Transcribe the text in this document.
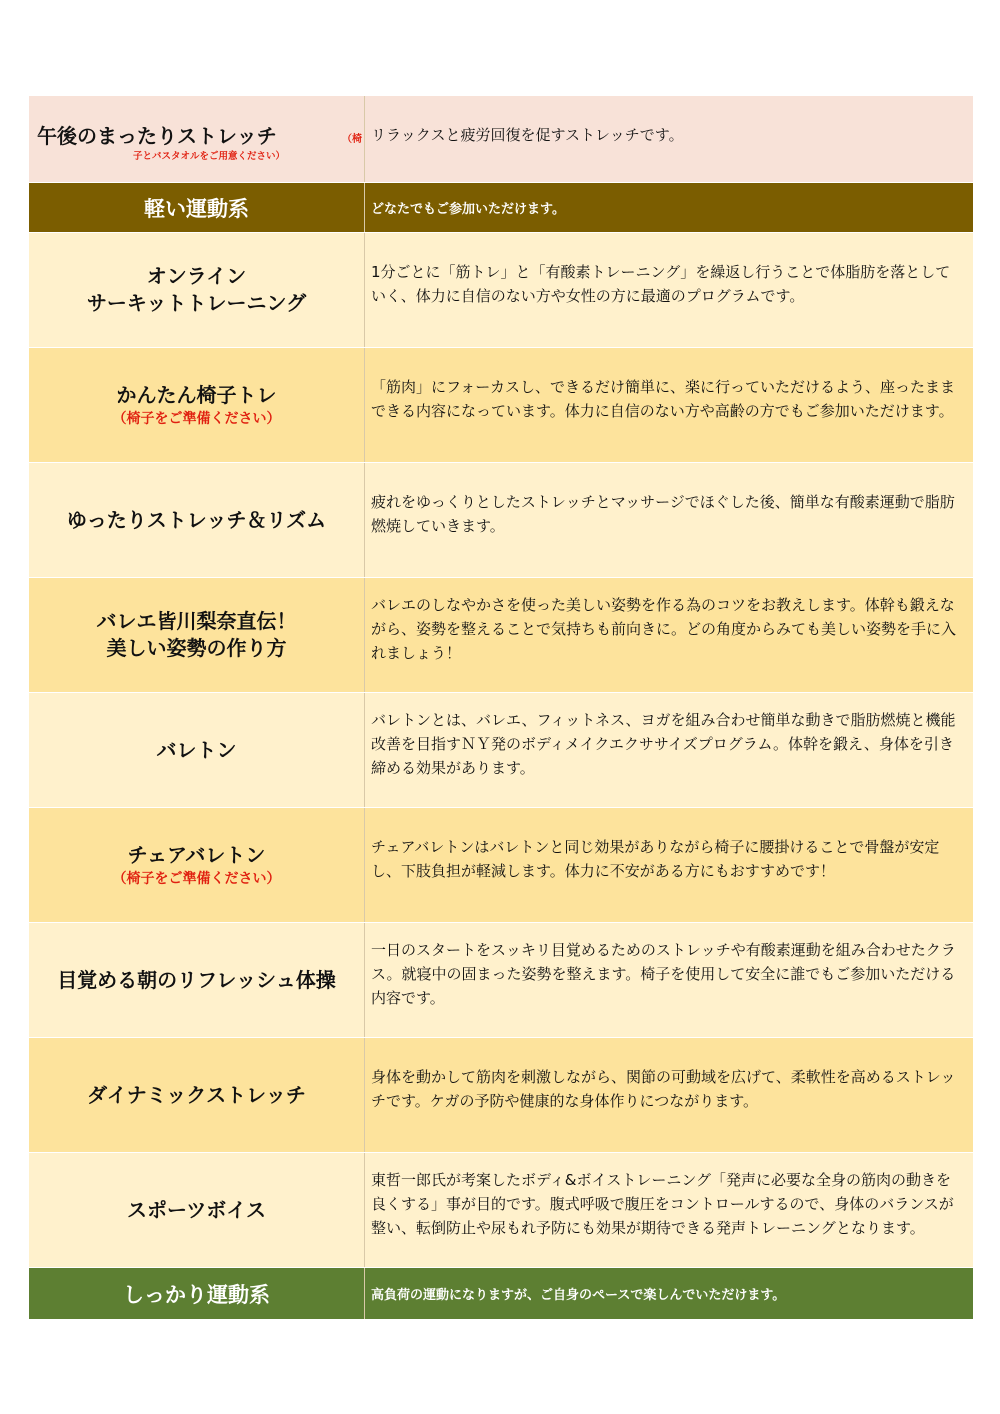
午後のまったりストレッチ （椅
子とバスタオルをご用意ください）	リラックスと疲労回復を促すストレッチです。

軽い運動系	どなたでもご参加いただけます。

オンライン
サーキットトレーニング	1分ごとに「筋トレ」と「有酸素トレーニング」を繰返し行うことで体脂肪を落としていく、体力に自信のない方や女性の方に最適のプログラムです。

かんたん椅子トレ
（椅子をご準備ください）	「筋肉」にフォーカスし、できるだけ簡単に、楽に行っていただけるよう、座ったままできる内容になっています。体力に自信のない方や高齢の方でもご参加いただけます。

ゆったりストレッチ＆リズム	疲れをゆっくりとしたストレッチとマッサージでほぐした後、簡単な有酸素運動で脂肪燃焼していきます。

バレエ皆川梨奈直伝！
美しい姿勢の作り方	バレエのしなやかさを使った美しい姿勢を作る為のコツをお教えします。体幹も鍛えながら、姿勢を整えることで気持ちも前向きに。どの角度からみても美しい姿勢を手に入れましょう！

バレトン	バレトンとは、バレエ、フィットネス、ヨガを組み合わせ簡単な動きで脂肪燃焼と機能改善を目指すＮＹ発のボディメイクエクササイズプログラム。体幹を鍛え、身体を引き締める効果があります。

チェアバレトン
（椅子をご準備ください）	チェアバレトンはバレトンと同じ効果がありながら椅子に腰掛けることで骨盤が安定し、下肢負担が軽減します。体力に不安がある方にもおすすめです！

目覚める朝のリフレッシュ体操	一日のスタートをスッキリ目覚めるためのストレッチや有酸素運動を組み合わせたクラス。就寝中の固まった姿勢を整えます。椅子を使用して安全に誰でもご参加いただける内容です。

ダイナミックストレッチ	身体を動かして筋肉を刺激しながら、関節の可動域を広げて、柔軟性を高めるストレッチです。ケガの予防や健康的な身体作りにつながります。

スポーツボイス	東哲一郎氏が考案したボディ&ボイストレーニング「発声に必要な全身の筋肉の動きを良くする」事が目的です。腹式呼吸で腹圧をコントロールするので、身体のバランスが整い、転倒防止や尿もれ予防にも効果が期待できる発声トレーニングとなります。

しっかり運動系	高負荷の運動になりますが、ご自身のペースで楽しんでいただけます。
